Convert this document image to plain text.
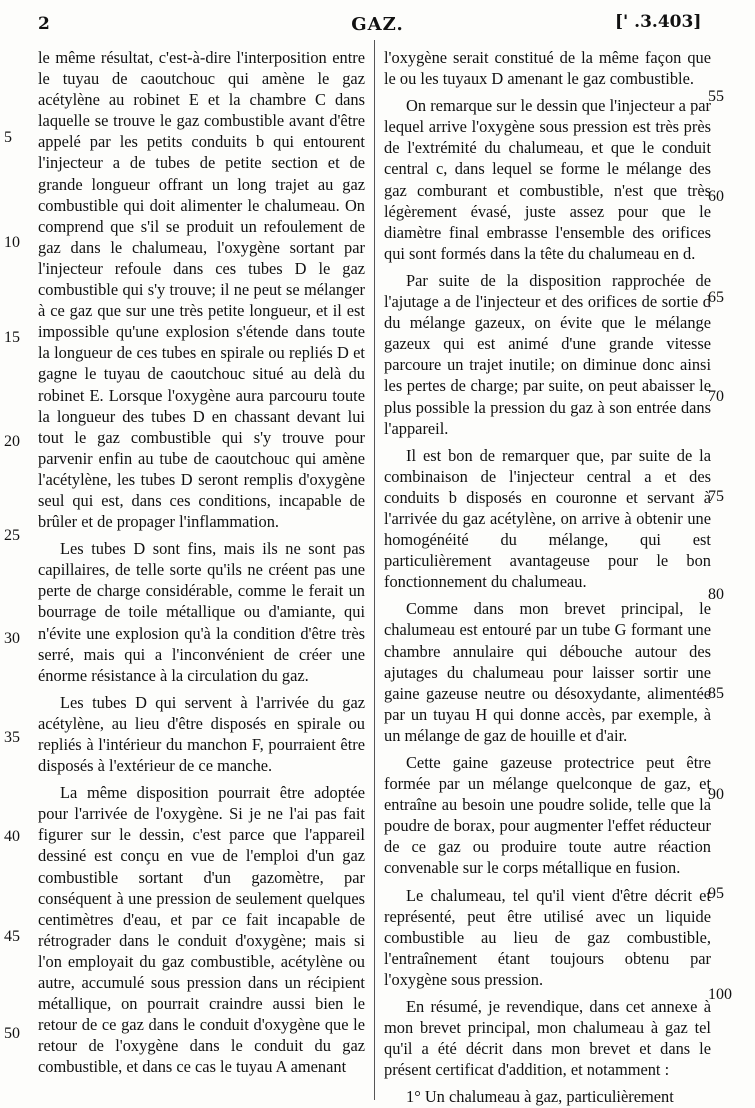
2	GAZ.	[' .3.403]

le même résultat, c'est-à-dire l'interposition entre le tuyau de caoutchouc qui amène le gaz acétylène au robinet E et la chambre C dans laquelle se trouve le gaz combustible avant d'être appelé par les petits conduits b qui entourent l'injecteur a de tubes de petite section et de grande longueur offrant un long trajet au gaz combustible qui doit alimenter le chalumeau. On comprend que s'il se produit un refoulement de gaz dans le chalumeau, l'oxygène sortant par l'injecteur refoule dans ces tubes D le gaz combustible qui s'y trouve; il ne peut se mélanger à ce gaz que sur une très petite longueur, et il est impossible qu'une explosion s'étende dans toute la longueur de ces tubes en spirale ou repliés D et gagne le tuyau de caoutchouc situé au delà du robinet E. Lorsque l'oxygène aura parcouru toute la longueur des tubes D en chassant devant lui tout le gaz combustible qui s'y trouve pour parvenir enfin au tube de caoutchouc qui amène l'acétylène, les tubes D seront remplis d'oxygène seul qui est, dans ces conditions, incapable de brûler et de propager l'inflammation.

Les tubes D sont fins, mais ils ne sont pas capillaires, de telle sorte qu'ils ne créent pas une perte de charge considérable, comme le ferait un bourrage de toile métallique ou d'amiante, qui n'évite une explosion qu'à la condition d'être très serré, mais qui a l'inconvénient de créer une énorme résistance à la circulation du gaz.

Les tubes D qui servent à l'arrivée du gaz acétylène, au lieu d'être disposés en spirale ou repliés à l'intérieur du manchon F, pourraient être disposés à l'extérieur de ce manche.

La même disposition pourrait être adoptée pour l'arrivée de l'oxygène. Si je ne l'ai pas fait figurer sur le dessin, c'est parce que l'appareil dessiné est conçu en vue de l'emploi d'un gaz combustible sortant d'un gazomètre, par conséquent à une pression de seulement quelques centimètres d'eau, et par ce fait incapable de rétrograder dans le conduit d'oxygène; mais si l'on employait du gaz combustible, acétylène ou autre, accumulé sous pression dans un récipient métallique, on pourrait craindre aussi bien le retour de ce gaz dans le conduit d'oxygène que le retour de l'oxygène dans le conduit du gaz combustible, et dans ce cas le tuyau A amenant

l'oxygène serait constitué de la même façon que le ou les tuyaux D amenant le gaz combustible.

On remarque sur le dessin que l'injecteur a par lequel arrive l'oxygène sous pression est très près de l'extrémité du chalumeau, et que le conduit central c, dans lequel se forme le mélange des gaz comburant et combustible, n'est que très légèrement évasé, juste assez pour que le diamètre final embrasse l'ensemble des orifices qui sont formés dans la tête du chalumeau en d.

Par suite de la disposition rapprochée de l'ajutage a de l'injecteur et des orifices de sortie d du mélange gazeux, on évite que le mélange gazeux qui est animé d'une grande vitesse parcoure un trajet inutile; on diminue donc ainsi les pertes de charge; par suite, on peut abaisser le plus possible la pression du gaz à son entrée dans l'appareil.

Il est bon de remarquer que, par suite de la combinaison de l'injecteur central a et des conduits b disposés en couronne et servant à l'arrivée du gaz acétylène, on arrive à obtenir une homogénéité du mélange, qui est particulièrement avantageuse pour le bon fonctionnement du chalumeau.

Comme dans mon brevet principal, le chalumeau est entouré par un tube G formant une chambre annulaire qui débouche autour des ajutages du chalumeau pour laisser sortir une gaine gazeuse neutre ou désoxydante, alimentée par un tuyau H qui donne accès, par exemple, à un mélange de gaz de houille et d'air.

Cette gaine gazeuse protectrice peut être formée par un mélange quelconque de gaz, et entraîne au besoin une poudre solide, telle que la poudre de borax, pour augmenter l'effet réducteur de ce gaz ou produire toute autre réaction convenable sur le corps métallique en fusion.

Le chalumeau, tel qu'il vient d'être décrit et représenté, peut être utilisé avec un liquide combustible au lieu de gaz combustible, l'entraînement étant toujours obtenu par l'oxygène sous pression.

En résumé, je revendique, dans cet annexe à mon brevet principal, mon chalumeau à gaz tel qu'il a été décrit dans mon brevet et dans le présent certificat d'addition, et notamment :

1° Un chalumeau à gaz, particulièrement

5
10
15
20
25
30
35
40
45
50
55
60
65
70
75
80
85
90
95
100
